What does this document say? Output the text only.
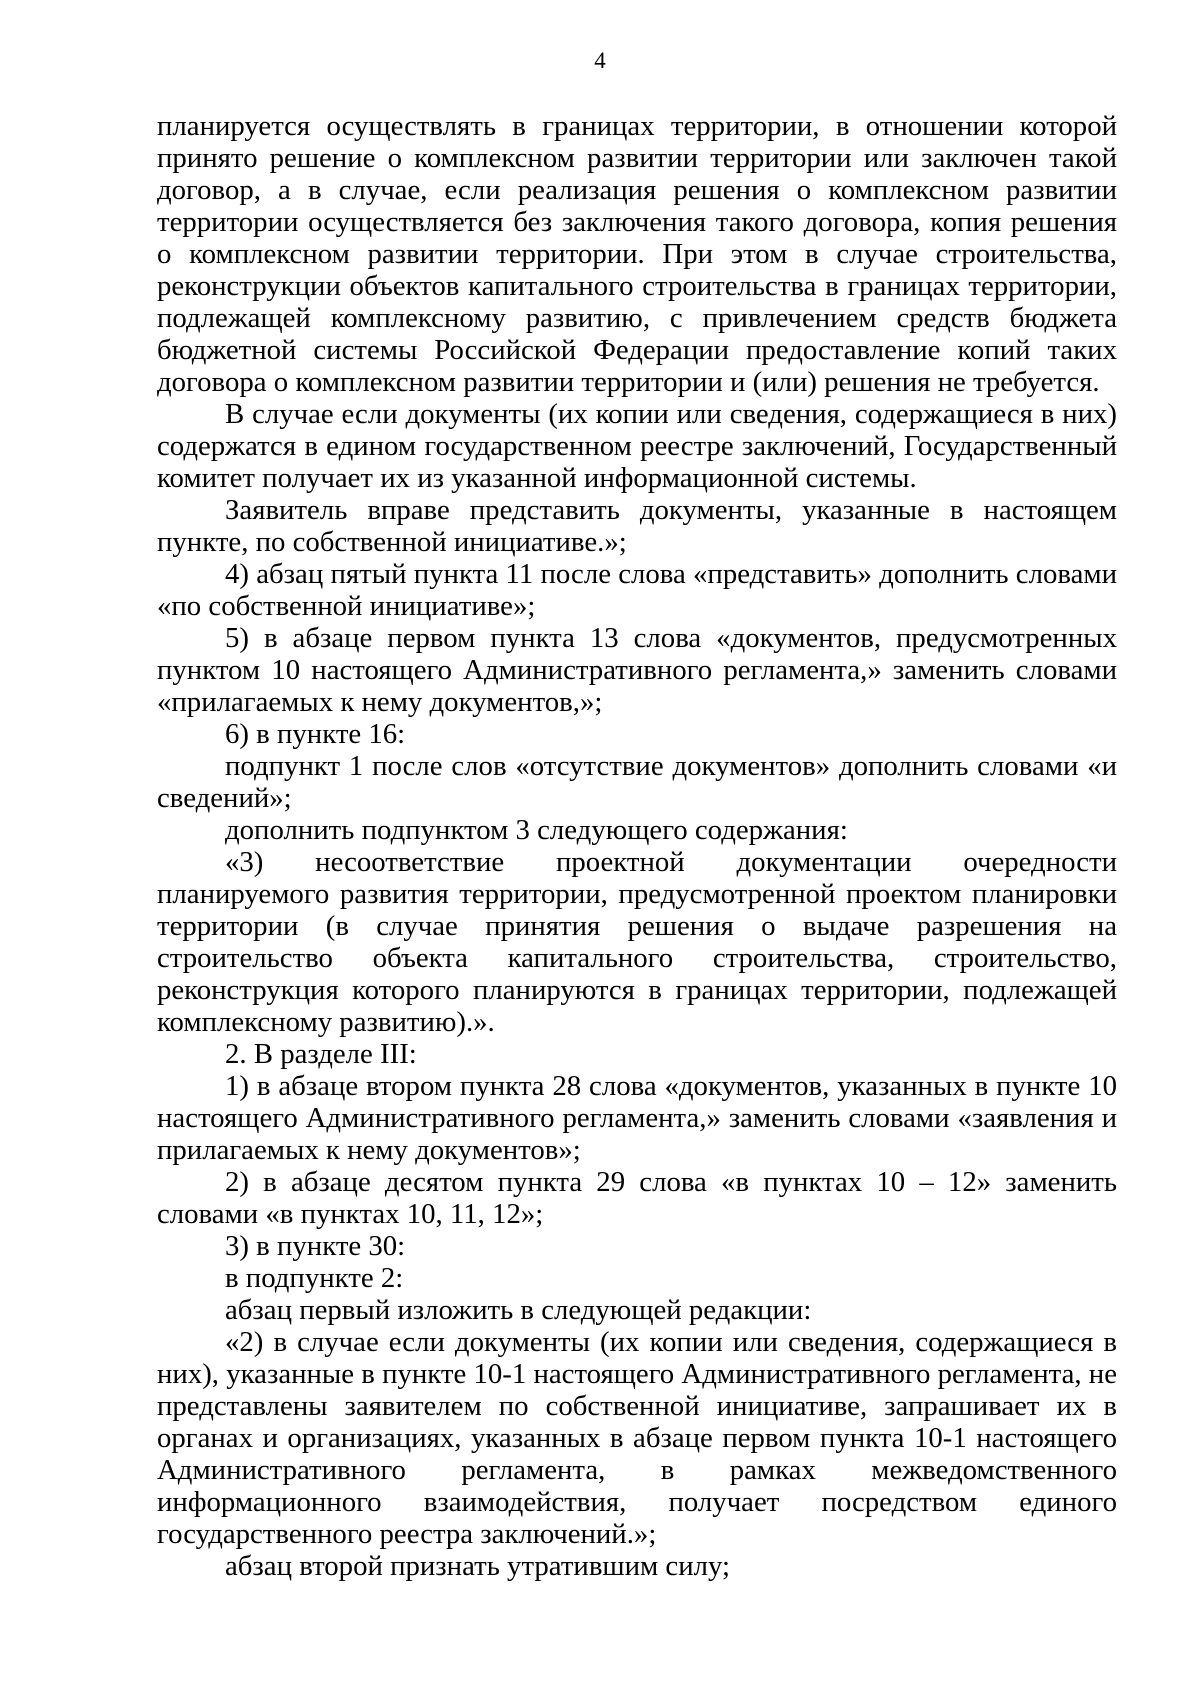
4

планируется осуществлять в границах территории, в отношении которой принято решение о комплексном развитии территории или заключен такой договор, а в случае, если реализация решения о комплексном развитии территории осуществляется без заключения такого договора, копия решения о комплексном развитии территории. При этом в случае строительства, реконструкции объектов капитального строительства в границах территории, подлежащей комплексному развитию, с привлечением средств бюджета бюджетной системы Российской Федерации предоставление копий таких договора о комплексном развитии территории и (или) решения не требуется.

В случае если документы (их копии или сведения, содержащиеся в них) содержатся в едином государственном реестре заключений, Государственный комитет получает их из указанной информационной системы.

Заявитель вправе представить документы, указанные в настоящем пункте, по собственной инициативе.»;

4) абзац пятый пункта 11 после слова «представить» дополнить словами «по собственной инициативе»;

5) в абзаце первом пункта 13 слова «документов, предусмотренных пунктом 10 настоящего Административного регламента,» заменить словами «прилагаемых к нему документов,»;

6) в пункте 16:

подпункт 1 после слов «отсутствие документов» дополнить словами «и сведений»;

дополнить подпунктом 3 следующего содержания:

«3) несоответствие проектной документации очередности планируемого развития территории, предусмотренной проектом планировки территории (в случае принятия решения о выдаче разрешения на строительство объекта капитального строительства, строительство, реконструкция которого планируются в границах территории, подлежащей комплексному развитию).».

2. В разделе III:

1) в абзаце втором пункта 28 слова «документов, указанных в пункте 10 настоящего Административного регламента,» заменить словами «заявления и прилагаемых к нему документов»;

2) в абзаце десятом пункта 29 слова «в пунктах 10 – 12» заменить словами «в пунктах 10, 11, 12»;

3) в пункте 30:

в подпункте 2:

абзац первый изложить в следующей редакции:

«2) в случае если документы (их копии или сведения, содержащиеся в них), указанные в пункте 10-1 настоящего Административного регламента, не представлены заявителем по собственной инициативе, запрашивает их в органах и организациях, указанных в абзаце первом пункта 10-1 настоящего Административного регламента, в рамках межведомственного информационного взаимодействия, получает посредством единого государственного реестра заключений.»;

абзац второй признать утратившим силу;
